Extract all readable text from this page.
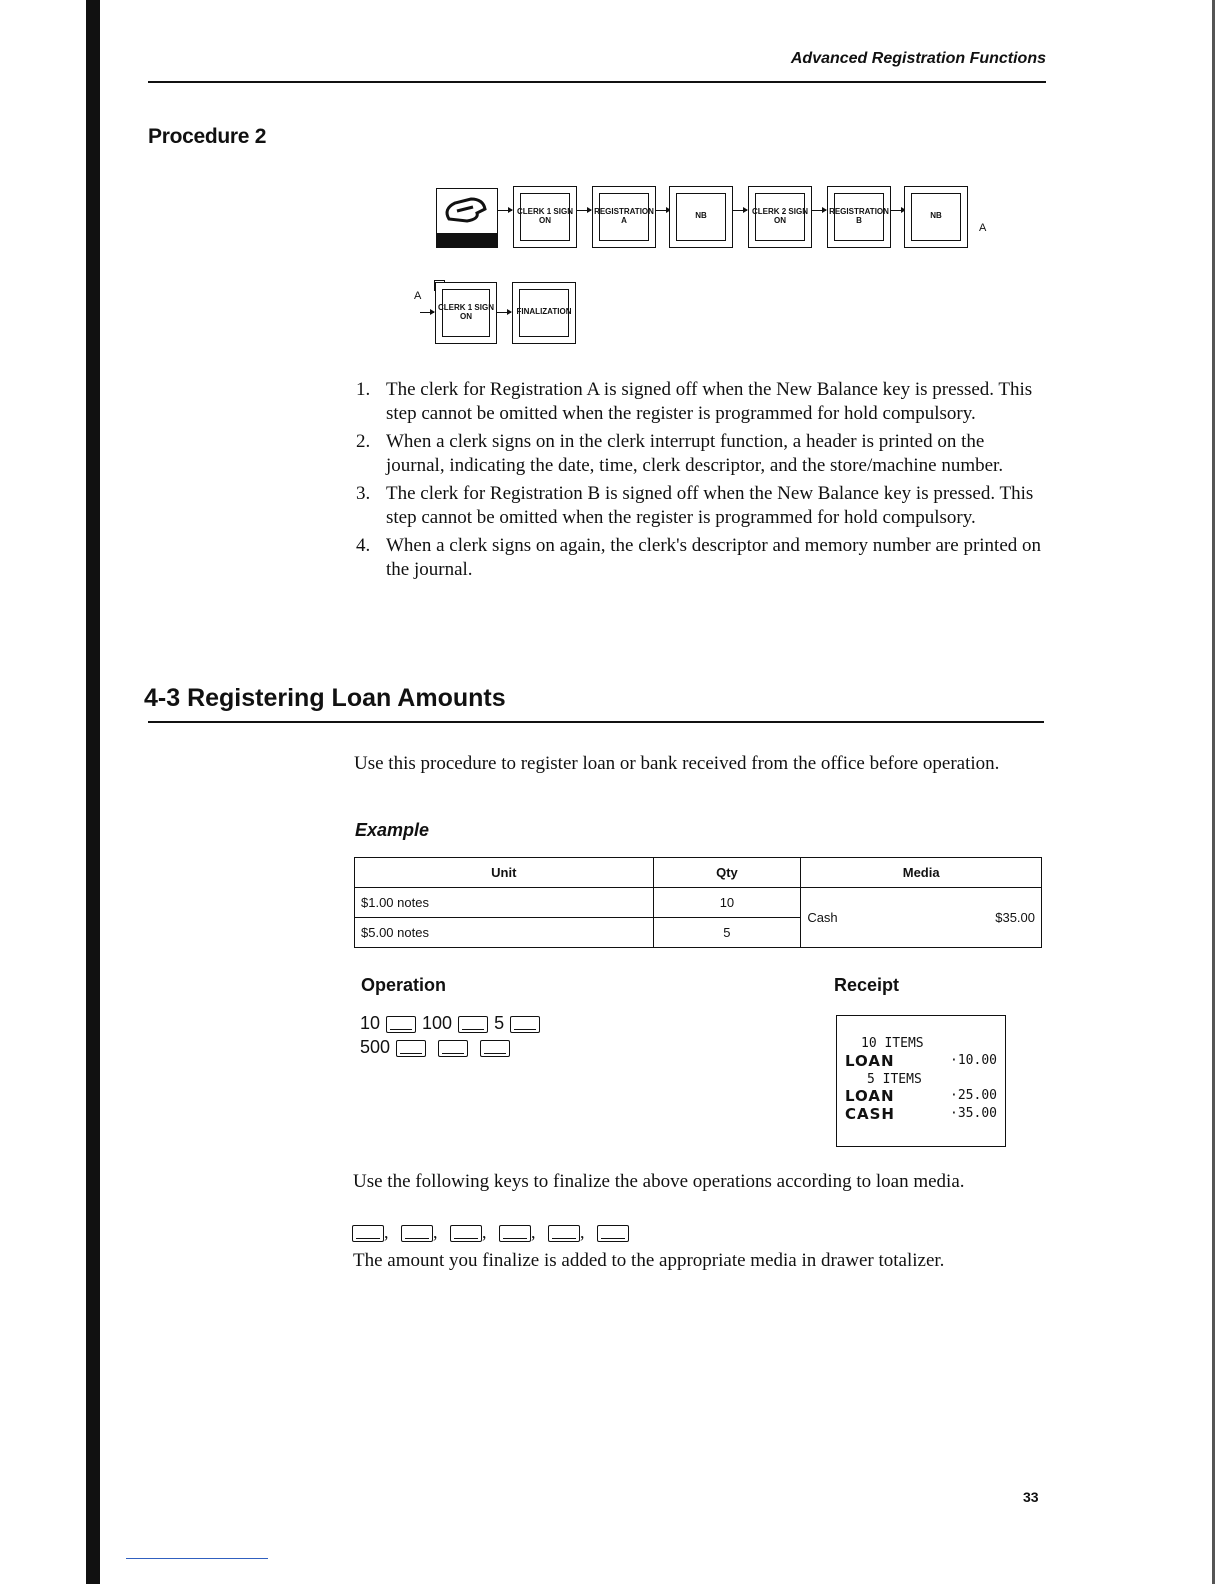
Advanced Registration Functions
Procedure 2
CLERK 1 SIGN ON
REGISTRATION A
NB	CLERK 2 SIGN ON
REGISTRATION B
NB
A
A
CLERK 1 SIGN ON
FINALIZATION
1. The clerk for Registration A is signed off when the New Balance key is pressed. This step cannot be omitted when the register is programmed for hold compulsory.
2. When a clerk signs on in the clerk interrupt function, a header is printed on the journal, indicating the date, time, clerk descriptor, and the store/machine number.
3. The clerk for Registration B is signed off when the New Balance key is pressed. This step cannot be omitted when the register is programmed for hold compulsory.
4. When a clerk signs on again, the clerk's descriptor and memory number are printed on the journal.
4-3 Registering Loan Amounts
Use this procedure to register loan or bank received from the office before operation.
Example
Unit	Qty	Media
$1.00 notes	10	Cash $35.00

$5.00 notes	5	
Operation	Receipt
10 100 5
500	10 ITEMS
LOAN	·10.00
5 ITEMS
LOAN	·25.00
CASH	·35.00
Use the following keys to finalize the above operations according to loan media.
, , , , ,
The amount you finalize is added to the appropriate media in drawer totalizer.
33
